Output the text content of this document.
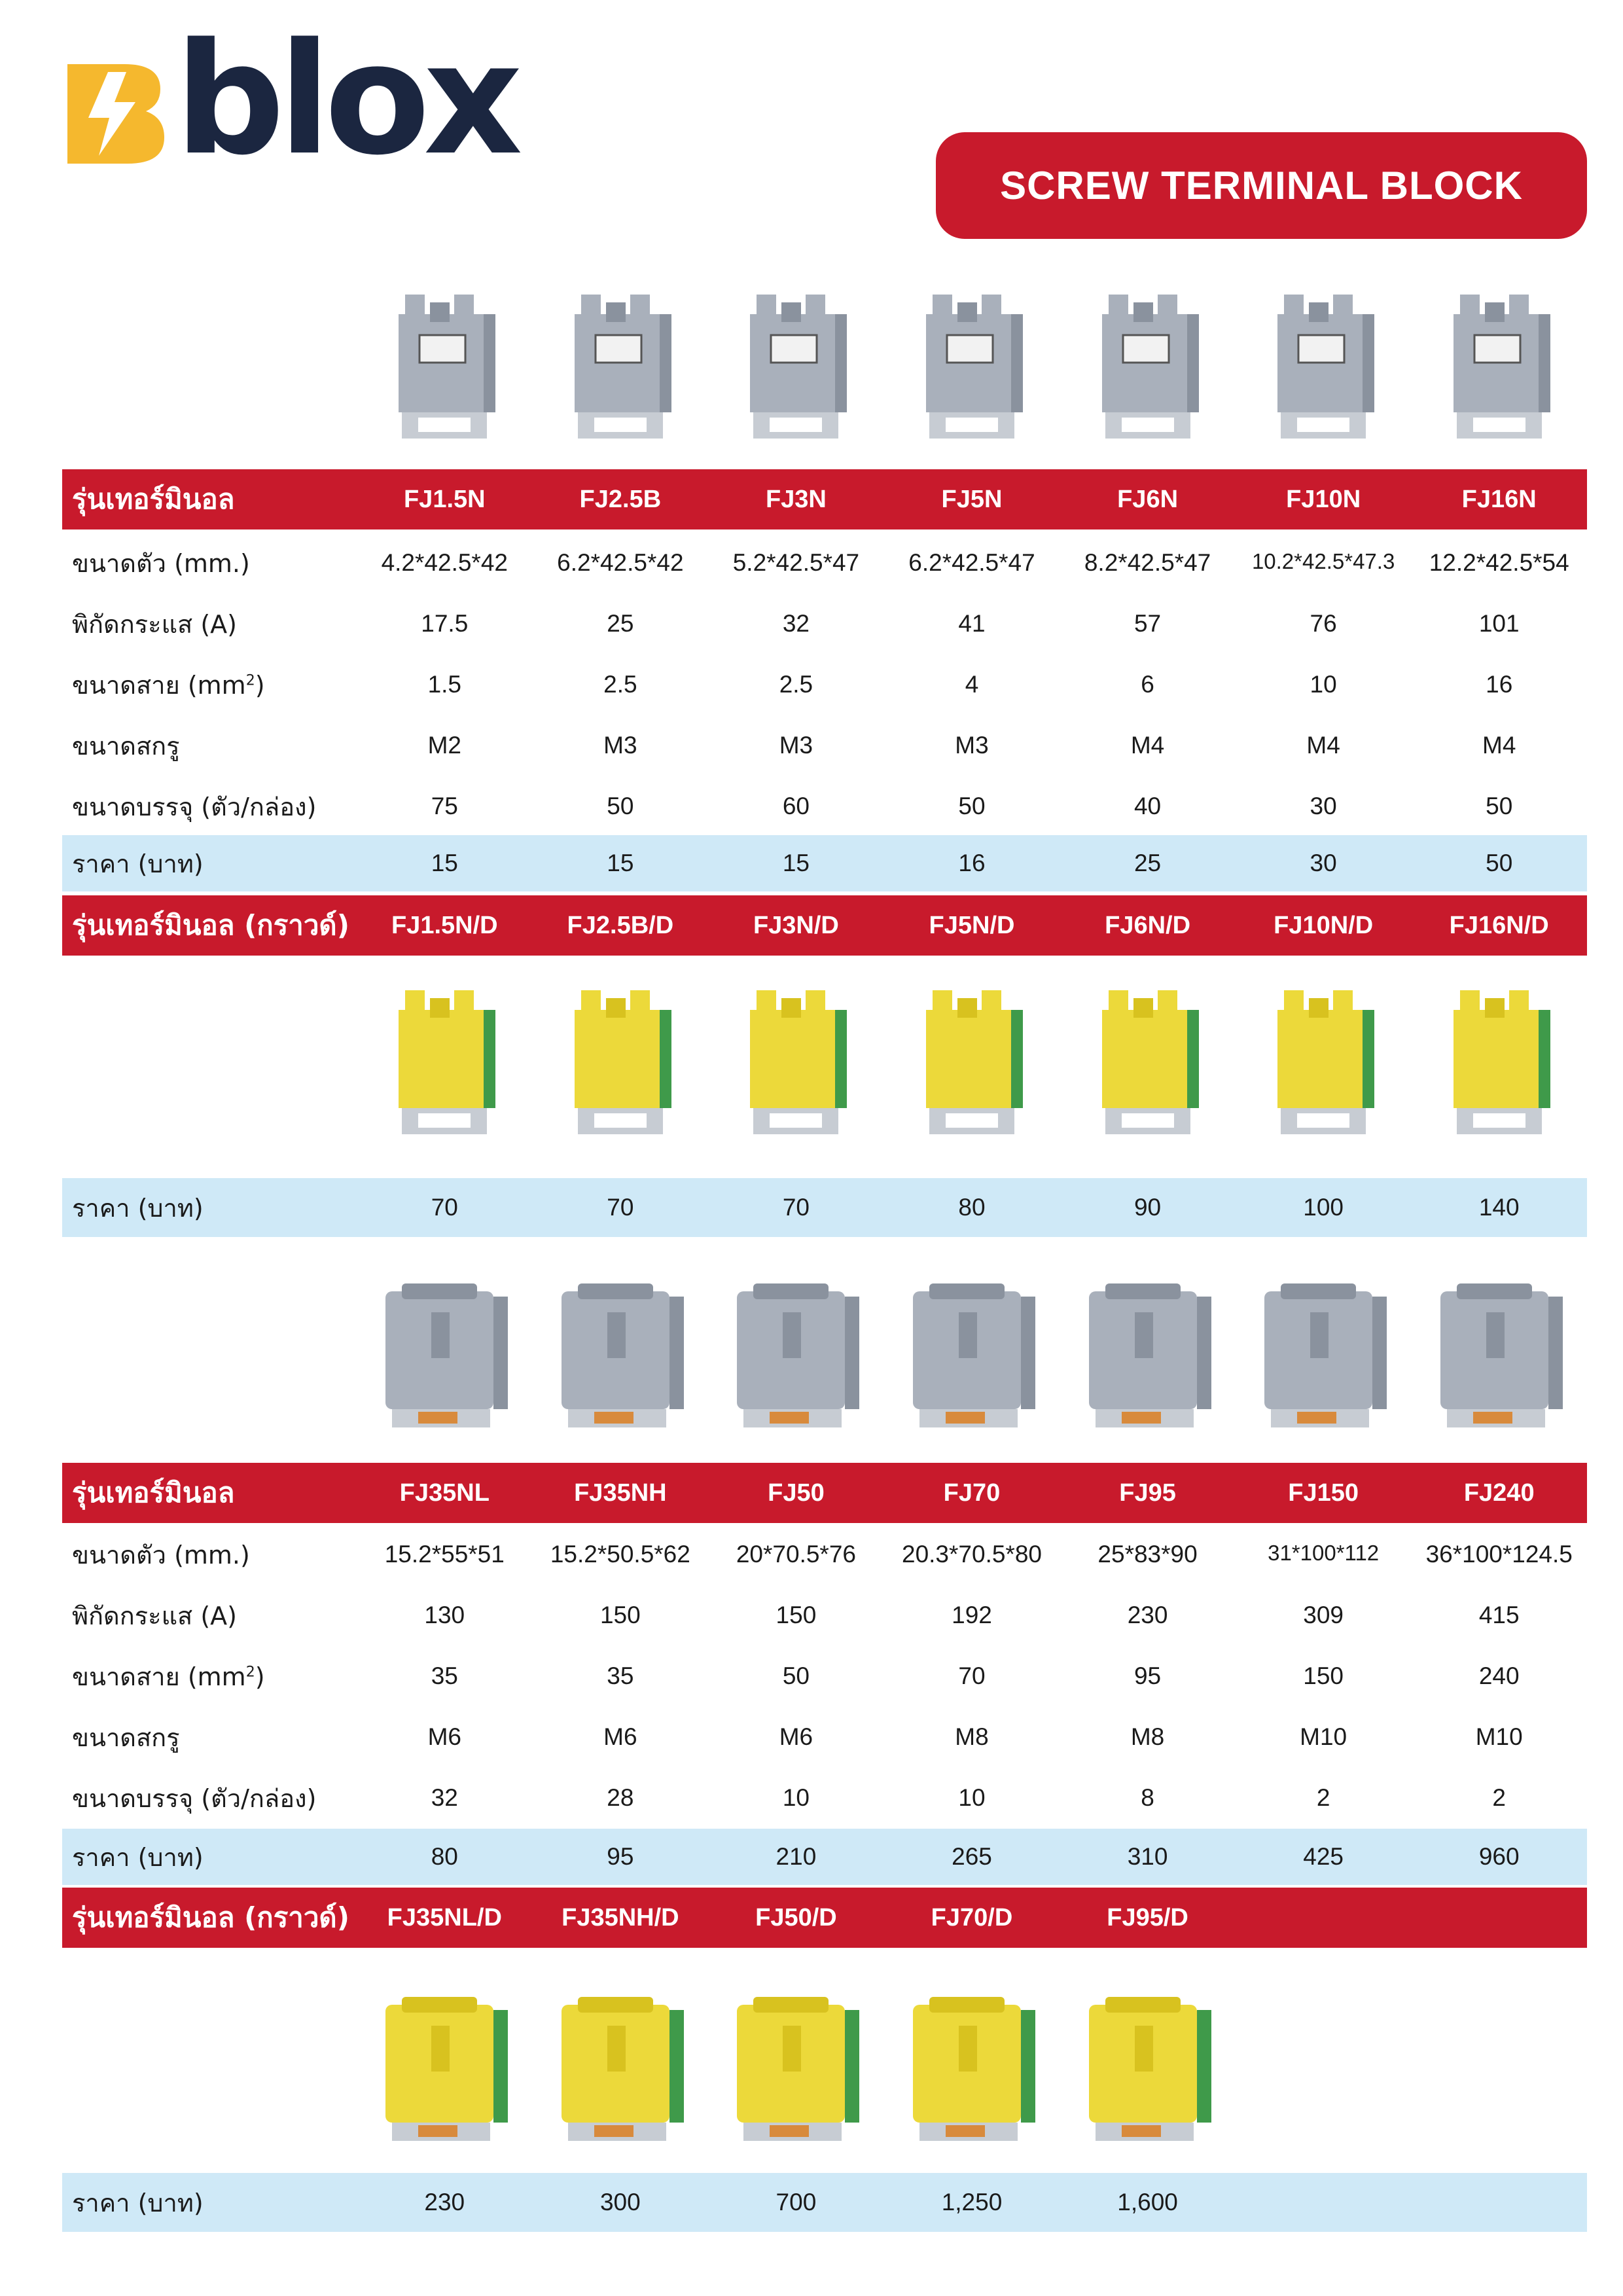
blox	SCREW TERMINAL BLOCK
รุ่นเทอร์มินอล	FJ1.5N	FJ2.5B	FJ3N	FJ5N	FJ6N	FJ10N	FJ16N
ขนาดตัว (mm.)	4.2*42.5*42	6.2*42.5*42	5.2*42.5*47	6.2*42.5*47	8.2*42.5*47	10.2*42.5*47.3	12.2*42.5*54
พิกัดกระแส (A)	17.5	25	32	41	57	76	101
ขนาดสาย $(mm^2)$	1.5	2.5	2.5	4	6	10	16
ขนาดสกรู	M2	M3	M3	M3	M4	M4	M4
ขนาดบรรจุ (ตัว/กล่อง)	75	50	60	50	40	30	50
ราคา (บาท)	15	15	15	16	25	30	50
รุ่นเทอร์มินอล (กราวด์)	FJ1.5N/D	FJ2.5B/D	FJ3N/D	FJ5N/D	FJ6N/D	FJ10N/D	FJ16N/D
ราคา (บาท)	70	70	70	80	90	100	140
รุ่นเทอร์มินอล	FJ35NL	FJ35NH	FJ50	FJ70	FJ95	FJ150	FJ240
ขนาดตัว (mm.)	15.2*55*51	15.2*50.5*62	20*70.5*76	20.3*70.5*80	25*83*90	31*100*112	36*100*124.5
พิกัดกระแส (A)	130	150	150	192	230	309	415
ขนาดสาย $(mm^2)$	35	35	50	70	95	150	240
ขนาดสกรู	M6	M6	M6	M8	M8	M10	M10
ขนาดบรรจุ (ตัว/กล่อง)	32	28	10	10	8	2	2
ราคา (บาท)	80	95	210	265	310	425	960
รุ่นเทอร์มินอล (กราวด์)	FJ35NL/D	FJ35NH/D	FJ50/D	FJ70/D	FJ95/D
ราคา (บาท)	230	300	700	1,250	1,600
